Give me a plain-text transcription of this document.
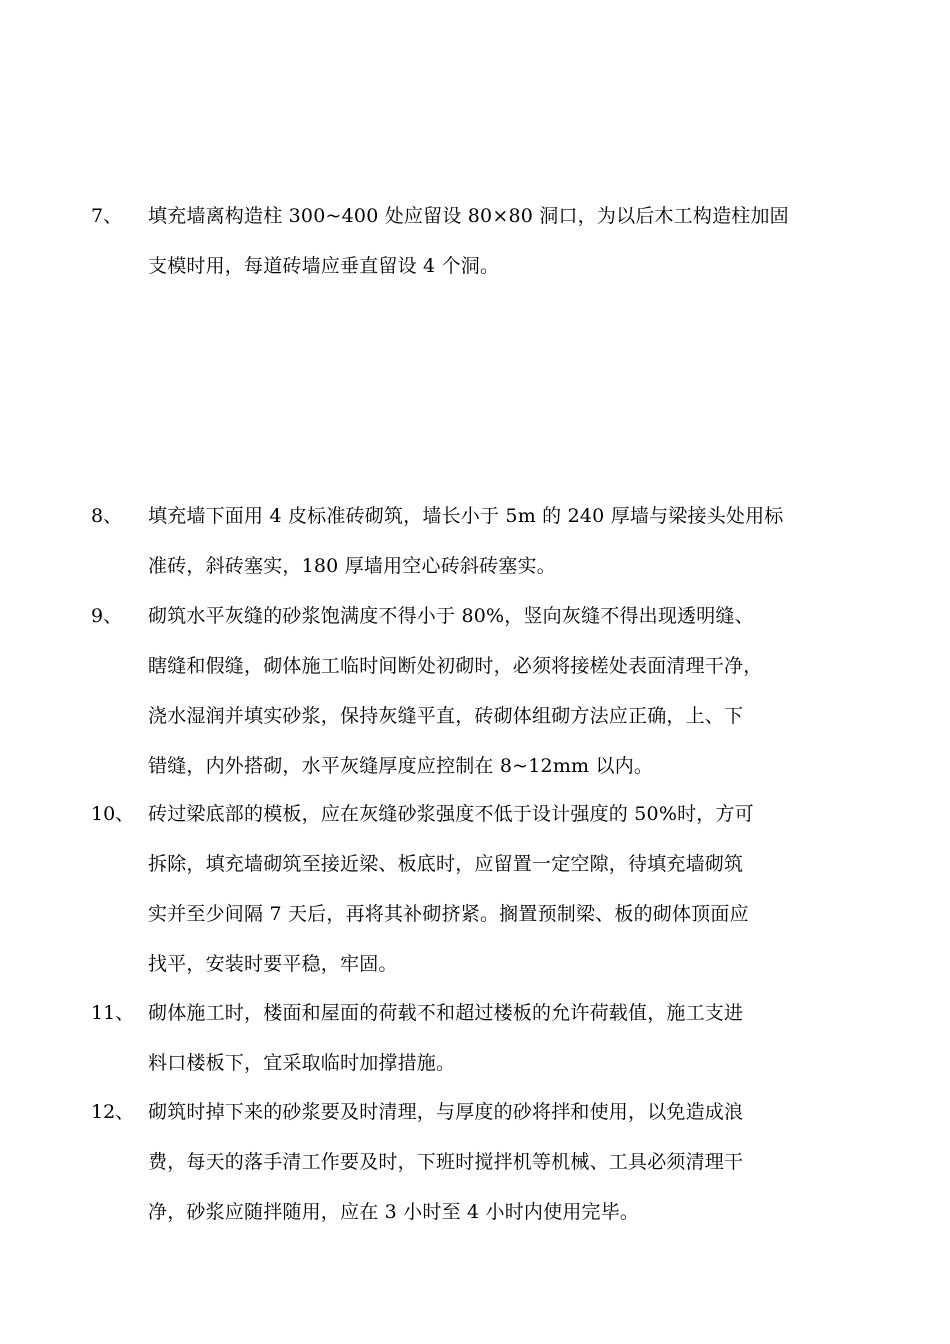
7、 填充墙离构造柱 300~400 处应留设 80×80 洞口，为以后木工构造柱加固
支模时用，每道砖墙应垂直留设 4 个洞。
8、 填充墙下面用 4 皮标准砖砌筑，墙长小于 5m 的 240 厚墙与梁接头处用标
准砖，斜砖塞实，180 厚墙用空心砖斜砖塞实。
9、 砌筑水平灰缝的砂浆饱满度不得小于 80%，竖向灰缝不得出现透明缝、
瞎缝和假缝，砌体施工临时间断处初砌时，必须将接槎处表面清理干净，
浇水湿润并填实砂浆，保持灰缝平直，砖砌体组砌方法应正确，上、下
错缝，内外搭砌，水平灰缝厚度应控制在 8~12mm 以内。
10、 砖过梁底部的模板，应在灰缝砂浆强度不低于设计强度的 50%时，方可
拆除，填充墙砌筑至接近梁、板底时，应留置一定空隙，待填充墙砌筑
实并至少间隔 7 天后，再将其补砌挤紧。搁置预制梁、板的砌体顶面应
找平，安装时要平稳，牢固。
11、 砌体施工时，楼面和屋面的荷载不和超过楼板的允许荷载值，施工支进
料口楼板下，宜采取临时加撑措施。
12、 砌筑时掉下来的砂浆要及时清理，与厚度的砂将拌和使用，以免造成浪
费，每天的落手清工作要及时，下班时搅拌机等机械、工具必须清理干
净，砂浆应随拌随用，应在 3 小时至 4 小时内使用完毕。
